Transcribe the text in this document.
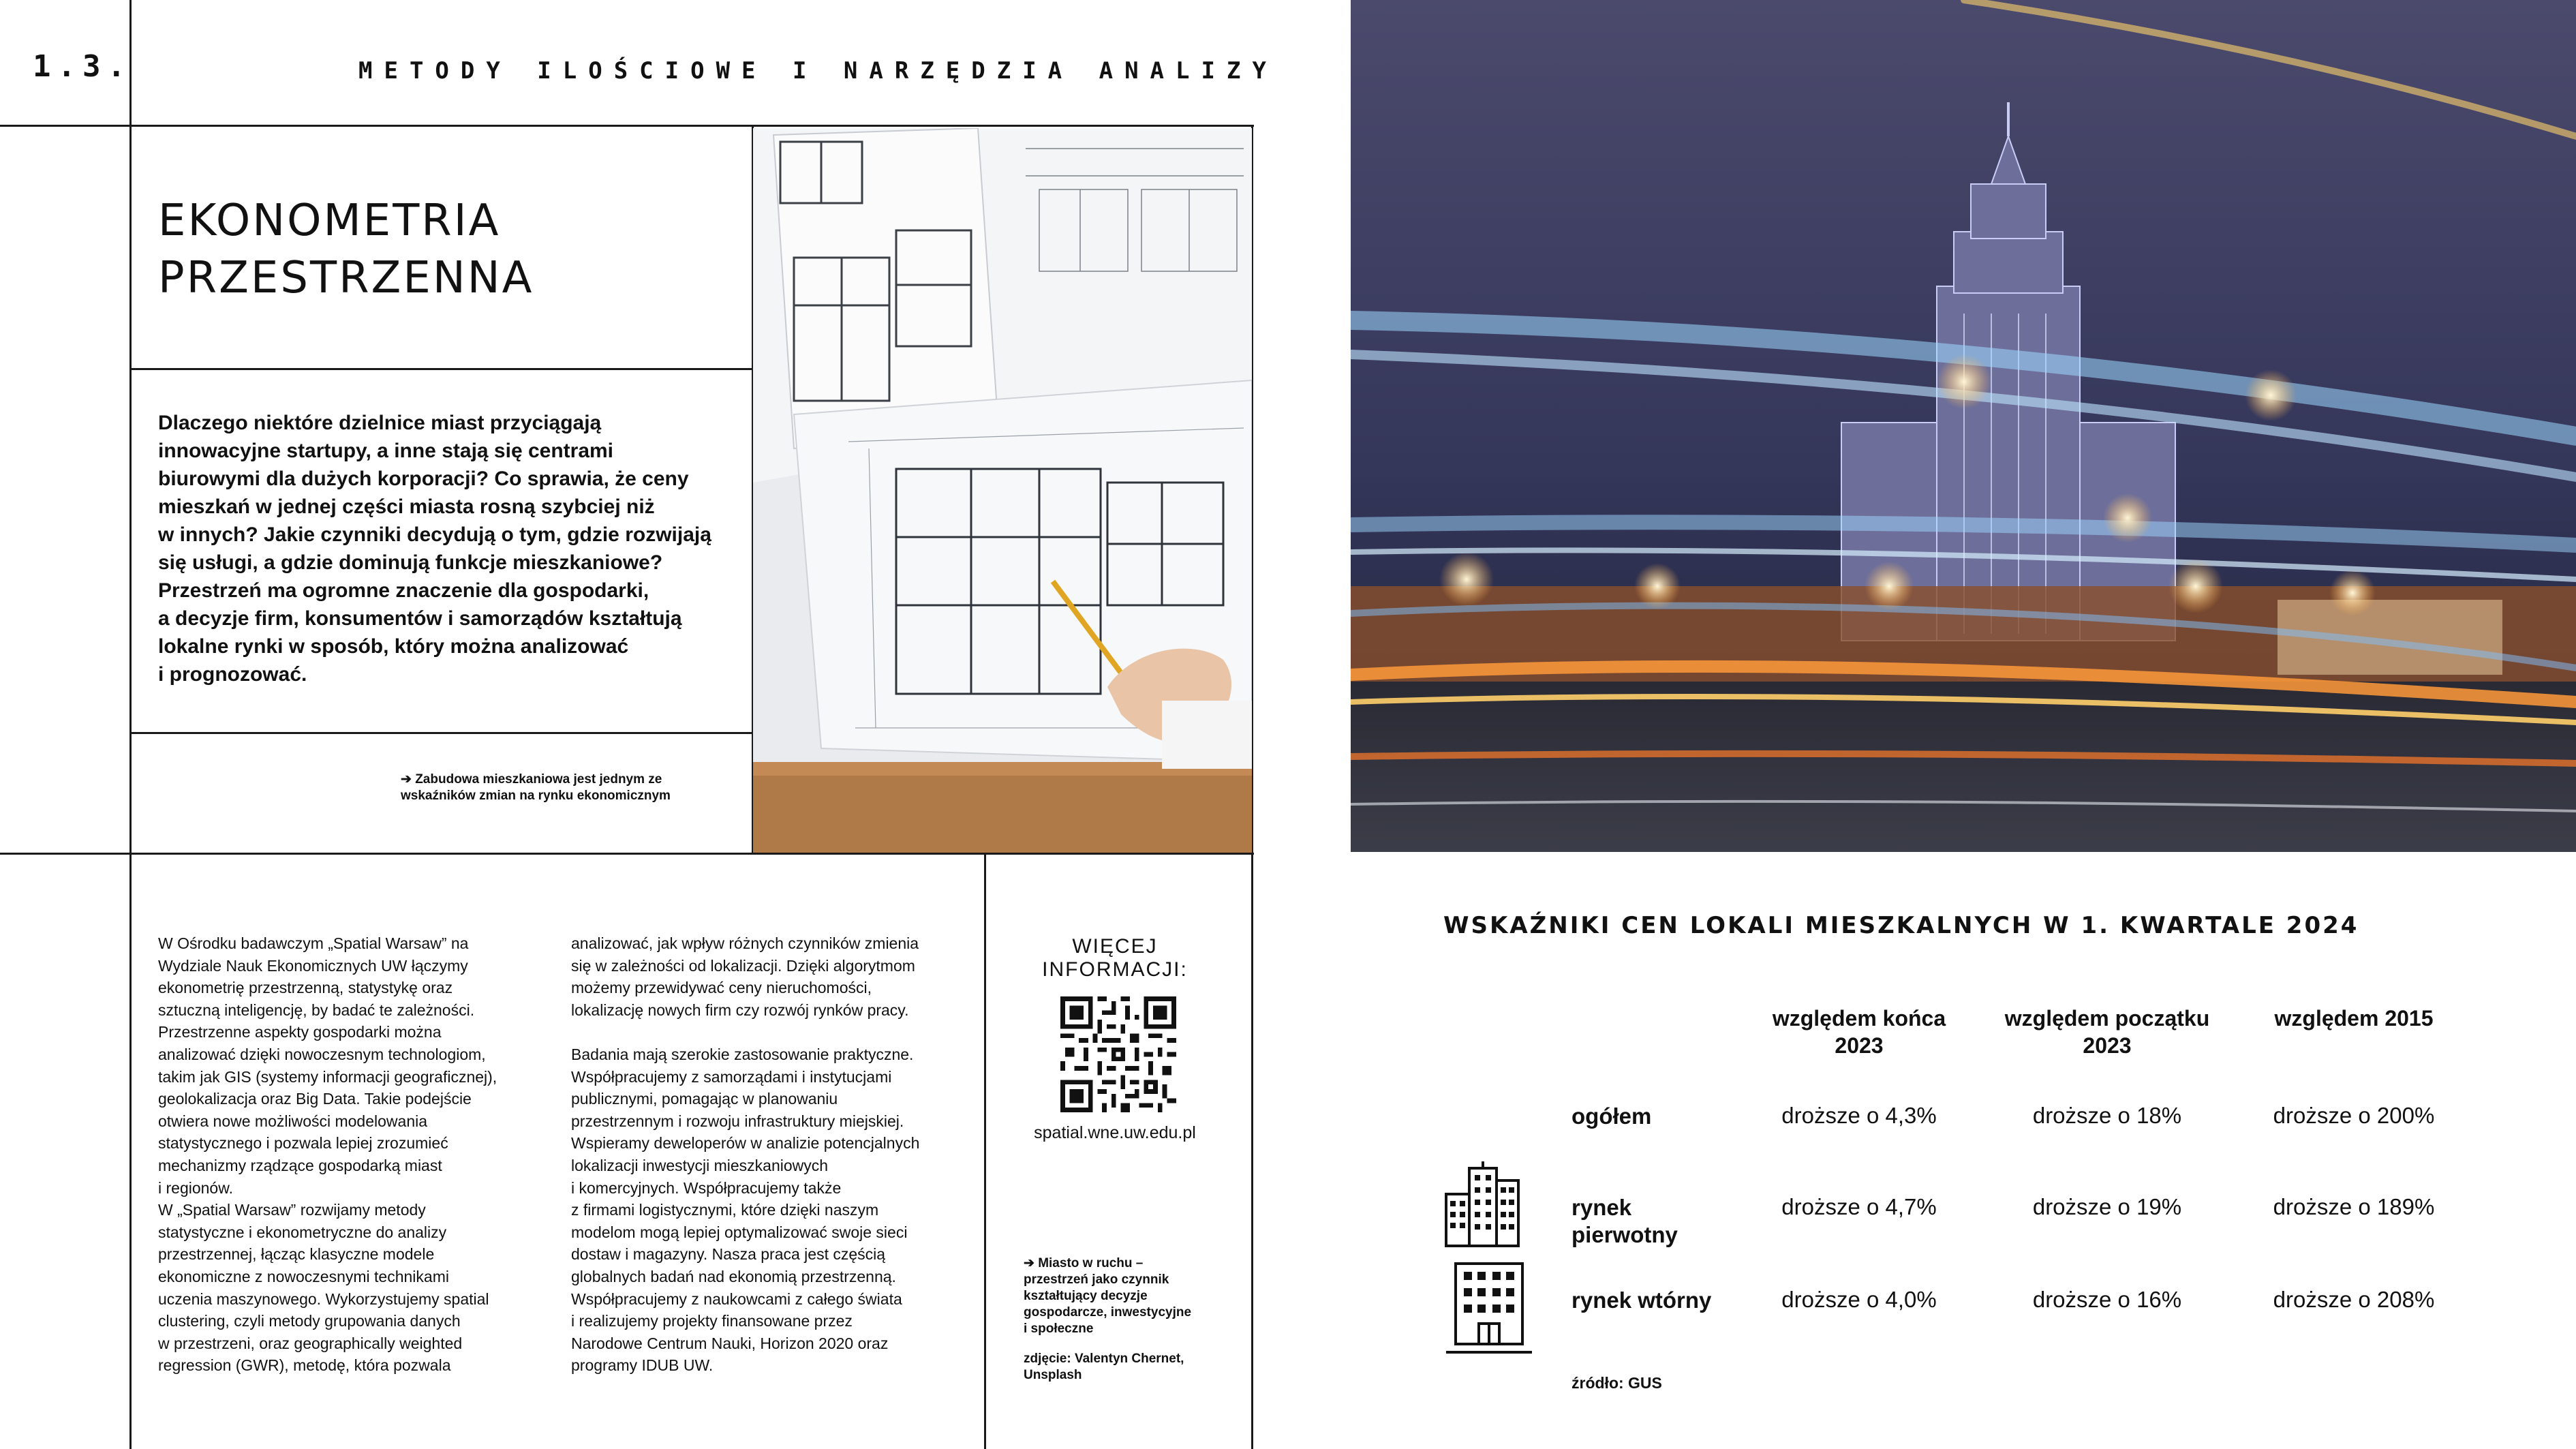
1.3.	METODY ILOŚCIOWE I NARZĘDZIA ANALIZY
EKONOMETRIA
PRZESTRZENNA
Dlaczego niektóre dzielnice miast przyciągają
innowacyjne startupy, a inne stają się centrami
biurowymi dla dużych korporacji? Co sprawia, że ceny
mieszkań w jednej części miasta rosną szybciej niż
w innych? Jakie czynniki decydują o tym, gdzie rozwijają
się usługi, a gdzie dominują funkcje mieszkaniowe?
Przestrzeń ma ogromne znaczenie dla gospodarki,
a decyzje firm, konsumentów i samorządów kształtują
lokalne rynki w sposób, który można analizować
i prognozować.
➔ Zabudowa mieszkaniowa jest jednym ze
wskaźników zmian na rynku ekonomicznym
W Ośrodku badawczym „Spatial Warsaw” na
Wydziale Nauk Ekonomicznych UW łączymy
ekonometrię przestrzenną, statystykę oraz
sztuczną inteligencję, by badać te zależności.
Przestrzenne aspekty gospodarki można
analizować dzięki nowoczesnym technologiom,
takim jak GIS (systemy informacji geograficznej),
geolokalizacja oraz Big Data. Takie podejście
otwiera nowe możliwości modelowania
statystycznego i pozwala lepiej zrozumieć
mechanizmy rządzące gospodarką miast
i regionów.
W „Spatial Warsaw” rozwijamy metody
statystyczne i ekonometryczne do analizy
przestrzennej, łącząc klasyczne modele
ekonomiczne z nowoczesnymi technikami
uczenia maszynowego. Wykorzystujemy spatial
clustering, czyli metody grupowania danych
w przestrzeni, oraz geographically weighted
regression (GWR), metodę, która pozwala
analizować, jak wpływ różnych czynników zmienia
się w zależności od lokalizacji. Dzięki algorytmom
możemy przewidywać ceny nieruchomości,
lokalizację nowych firm czy rozwój rynków pracy.

Badania mają szerokie zastosowanie praktyczne.
Współpracujemy z samorządami i instytucjami
publicznymi, pomagając w planowaniu
przestrzennym i rozwoju infrastruktury miejskiej.
Wspieramy deweloperów w analizie potencjalnych
lokalizacji inwestycji mieszkaniowych
i komercyjnych. Współpracujemy także
z firmami logistycznymi, które dzięki naszym
modelom mogą lepiej optymalizować swoje sieci
dostaw i magazyny. Nasza praca jest częścią
globalnych badań nad ekonomią przestrzenną.
Współpracujemy z naukowcami z całego świata
i realizujemy projekty finansowane przez
Narodowe Centrum Nauki, Horizon 2020 oraz
programy IDUB UW.
WIĘCEJ
INFORMACJI:
spatial.wne.uw.edu.pl
➔ Miasto w ruchu –
przestrzeń jako czynnik
kształtujący decyzje
gospodarcze, inwestycyjne
i społeczne
zdjęcie: Valentyn Chernet,
Unsplash
WSKAŹNIKI CEN LOKALI MIESZKALNYCH W 1. KWARTALE 2024
względem końca
2023
względem początku
2023
względem 2015
ogółem	droższe o 4,3%	droższe o 18%	droższe o 200%
rynek
pierwotny
droższe o 4,7%	droższe o 19%	droższe o 189%
rynek wtórny	droższe o 4,0%	droższe o 16%	droższe o 208%
źródło: GUS
